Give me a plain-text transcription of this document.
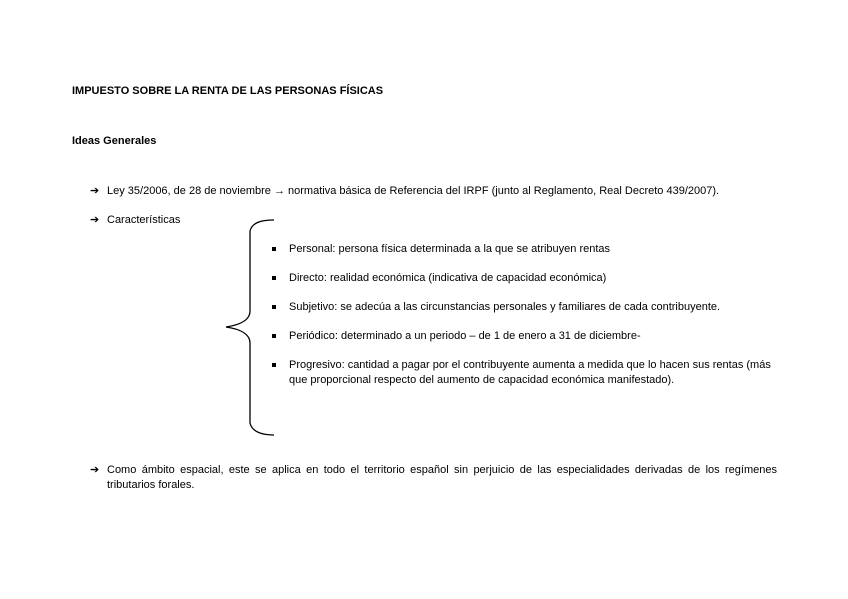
IMPUESTO SOBRE LA RENTA DE LAS PERSONAS FÍSICAS
Ideas Generales
➔ Ley 35/2006, de 28 de noviembre → normativa básica de Referencia del IRPF (junto al Reglamento, Real Decreto 439/2007).
➔ Características
Personal: persona física determinada a la que se atribuyen rentas
Directo: realidad económica (indicativa de capacidad económica)
Subjetivo: se adecúa a las circunstancias personales y familiares de cada contribuyente.
Periódico: determinado a un periodo – de 1 de enero a 31 de diciembre-
Progresivo: cantidad a pagar por el contribuyente aumenta a medida que lo hacen sus rentas (más que proporcional respecto del aumento de capacidad económica manifestado).
➔ Como ámbito espacial, este se aplica en todo el territorio español sin perjuicio de las especialidades derivadas de los regímenes tributarios forales.
